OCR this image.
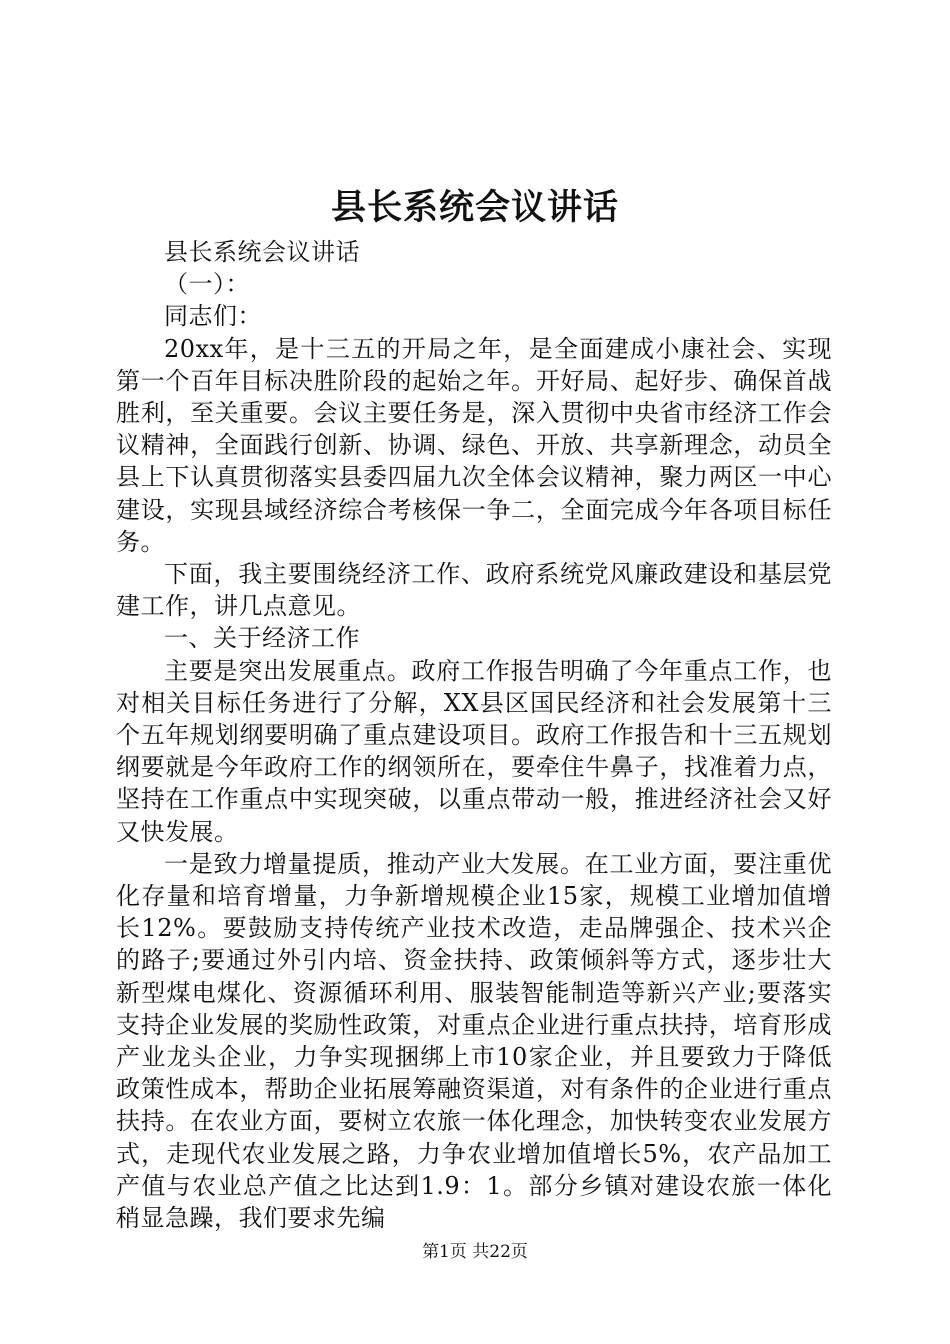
县长系统会议讲话

县长系统会议讲话

（一）：

同志们：

20xx年，是十三五的开局之年，是全面建成小康社会、实现第一个百年目标决胜阶段的起始之年。开好局、起好步、确保首战胜利，至关重要。会议主要任务是，深入贯彻中央省市经济工作会议精神，全面践行创新、协调、绿色、开放、共享新理念，动员全县上下认真贯彻落实县委四届九次全体会议精神，聚力两区一中心建设，实现县域经济综合考核保一争二，全面完成今年各项目标任务。

下面，我主要围绕经济工作、政府系统党风廉政建设和基层党建工作，讲几点意见。

一、关于经济工作

主要是突出发展重点。政府工作报告明确了今年重点工作，也对相关目标任务进行了分解，XX县区国民经济和社会发展第十三个五年规划纲要明确了重点建设项目。政府工作报告和十三五规划纲要就是今年政府工作的纲领所在，要牵住牛鼻子，找准着力点，坚持在工作重点中实现突破，以重点带动一般，推进经济社会又好又快发展。

一是致力增量提质，推动产业大发展。在工业方面，要注重优化存量和培育增量，力争新增规模企业15家，规模工业增加值增长12%。要鼓励支持传统产业技术改造，走品牌强企、技术兴企的路子;要通过外引内培、资金扶持、政策倾斜等方式，逐步壮大新型煤电煤化、资源循环利用、服装智能制造等新兴产业;要落实支持企业发展的奖励性政策，对重点企业进行重点扶持，培育形成产业龙头企业，力争实现捆绑上市10家企业，并且要致力于降低政策性成本，帮助企业拓展筹融资渠道，对有条件的企业进行重点扶持。在农业方面，要树立农旅一体化理念，加快转变农业发展方式，走现代农业发展之路，力争农业增加值增长5%，农产品加工产值与农业总产值之比达到1.9：1。部分乡镇对建设农旅一体化稍显急躁，我们要求先编

第1页 共22页
